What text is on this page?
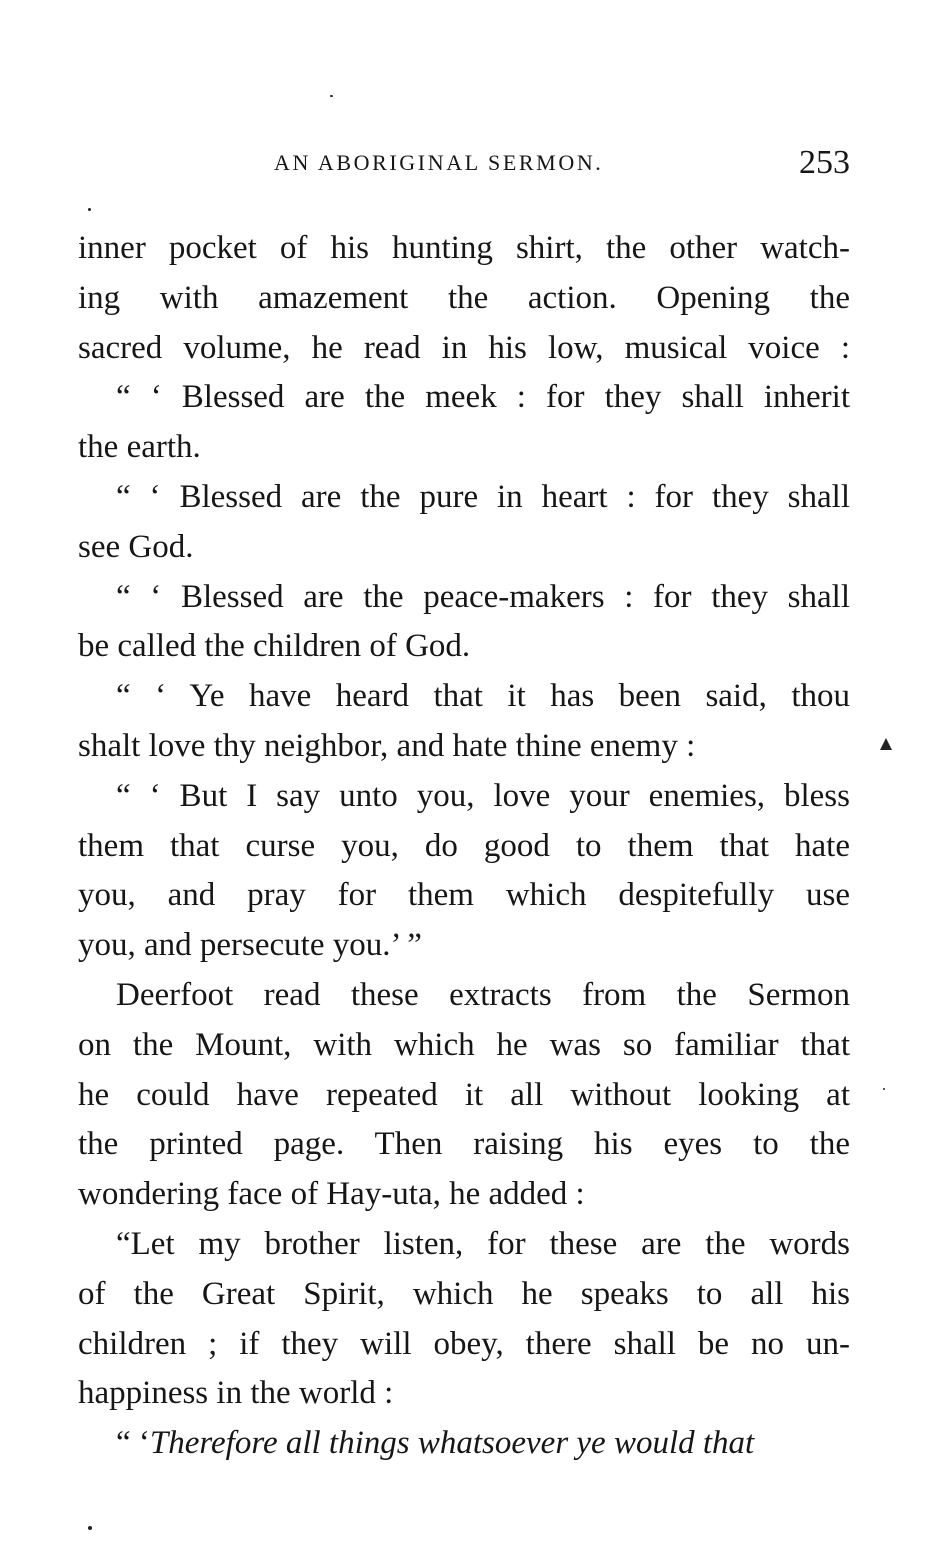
AN ABORIGINAL SERMON.	253
inner pocket of his hunting shirt, the other watch-
ing with amazement the action. Opening the
sacred volume, he read in his low, musical voice :
“ ‘ Blessed are the meek : for they shall inherit
the earth.
“ ‘ Blessed are the pure in heart : for they shall
see God.
“ ‘ Blessed are the peace-makers : for they shall
be called the children of God.
“ ‘ Ye have heard that it has been said, thou
shalt love thy neighbor, and hate thine enemy :
“ ‘ But I say unto you, love your enemies, bless
them that curse you, do good to them that hate
you, and pray for them which despitefully use
you, and persecute you.’ ”
Deerfoot read these extracts from the Sermon
on the Mount, with which he was so familiar that
he could have repeated it all without looking at
the printed page. Then raising his eyes to the
wondering face of Hay-uta, he added :
“Let my brother listen, for these are the words
of the Great Spirit, which he speaks to all his
children ; if they will obey, there shall be no un-
happiness in the world :
“ ‘Therefore all things whatsoever ye would that
